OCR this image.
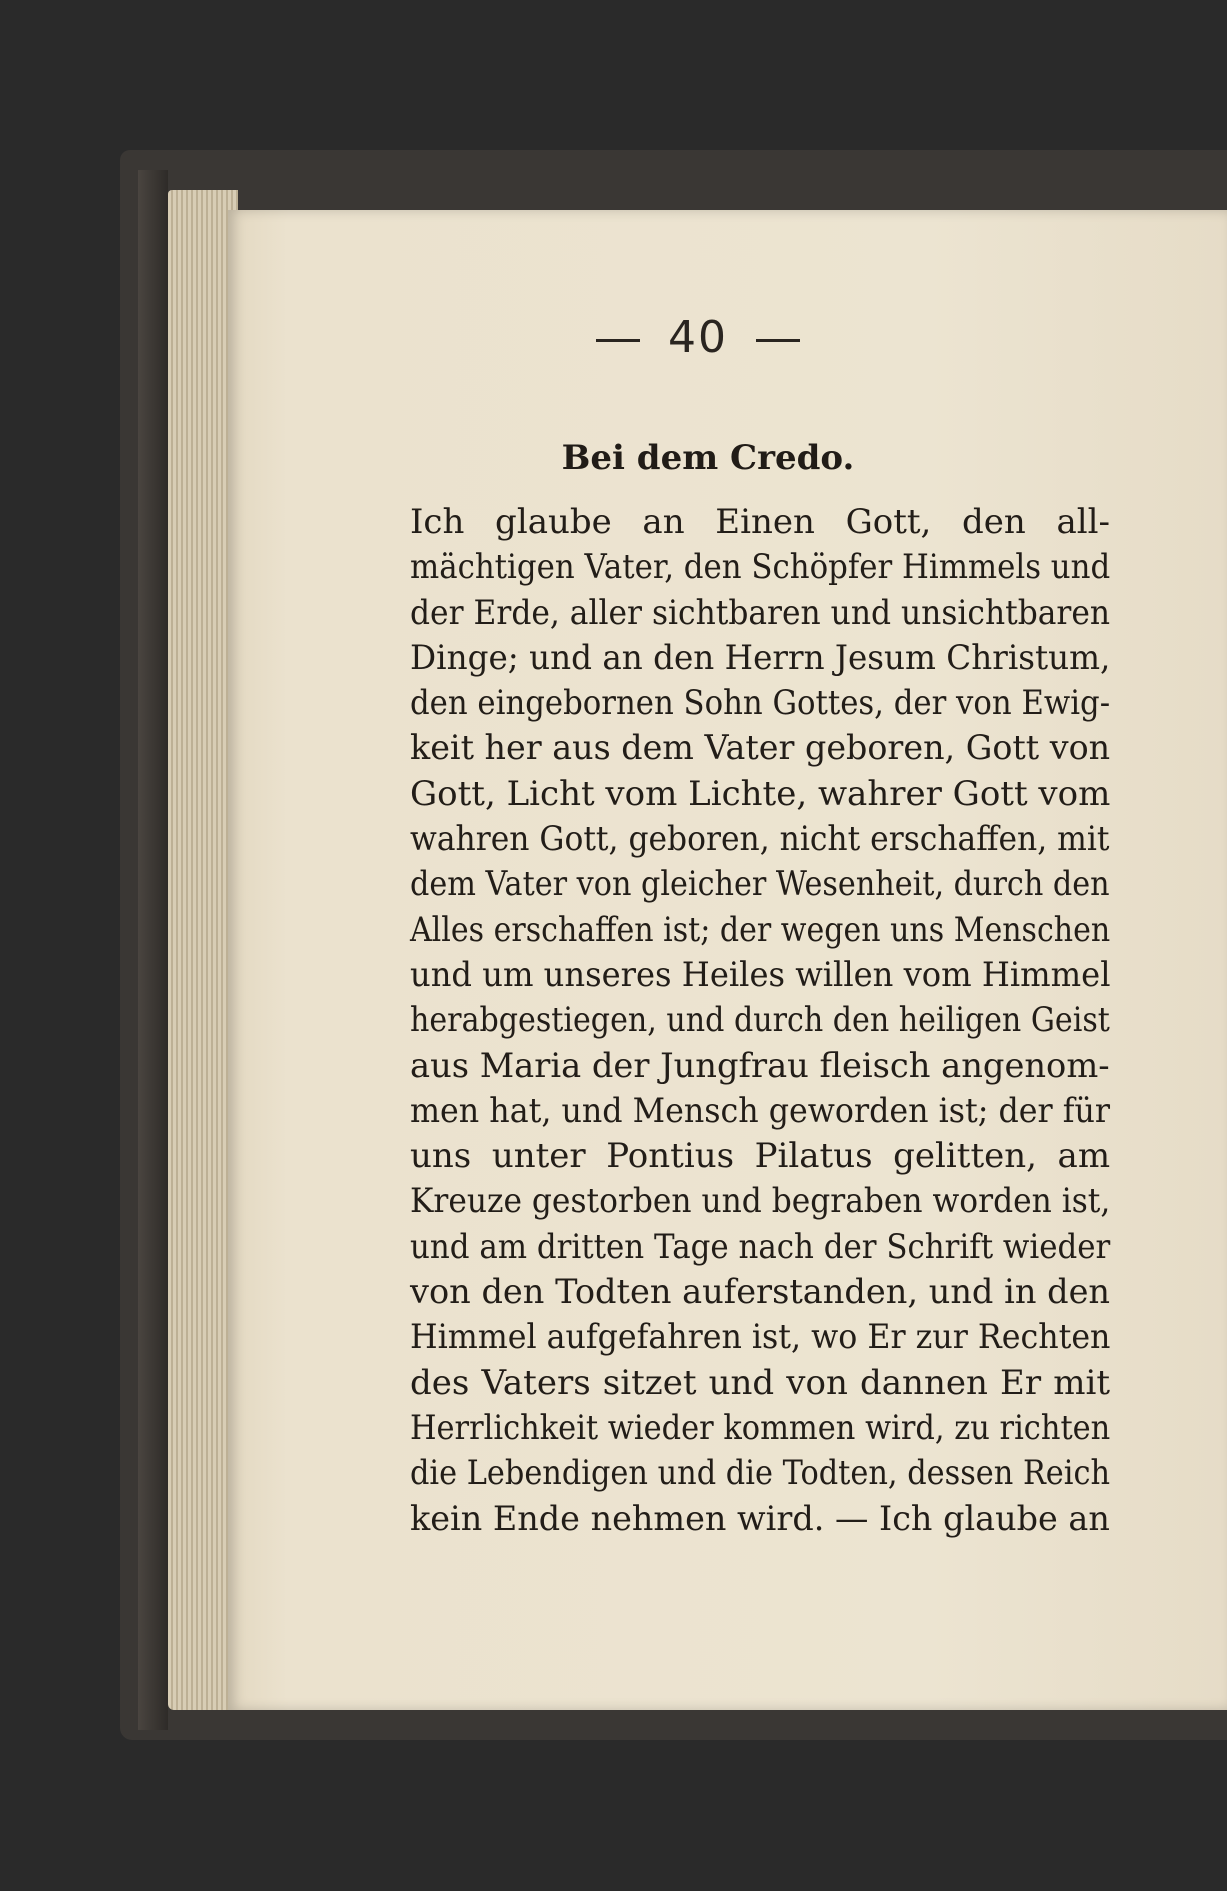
40
Bei dem Credo.
Ich glaube an Einen Gott, den all-
mächtigen Vater, den Schöpfer Himmels und
der Erde, aller sichtbaren und unsichtbaren
Dinge; und an den Herrn Jesum Christum,
den eingebornen Sohn Gottes, der von Ewig-
keit her aus dem Vater geboren, Gott von
Gott, Licht vom Lichte, wahrer Gott vom
wahren Gott, geboren, nicht erschaffen, mit
dem Vater von gleicher Wesenheit, durch den
Alles erschaffen ist; der wegen uns Menschen
und um unseres Heiles willen vom Himmel
herabgestiegen, und durch den heiligen Geist
aus Maria der Jungfrau fleisch angenom-
men hat, und Mensch geworden ist; der für
uns unter Pontius Pilatus gelitten, am
Kreuze gestorben und begraben worden ist,
und am dritten Tage nach der Schrift wieder
von den Todten auferstanden, und in den
Himmel aufgefahren ist, wo Er zur Rechten
des Vaters sitzet und von dannen Er mit
Herrlichkeit wieder kommen wird, zu richten
die Lebendigen und die Todten, dessen Reich
kein Ende nehmen wird. — Ich glaube an
